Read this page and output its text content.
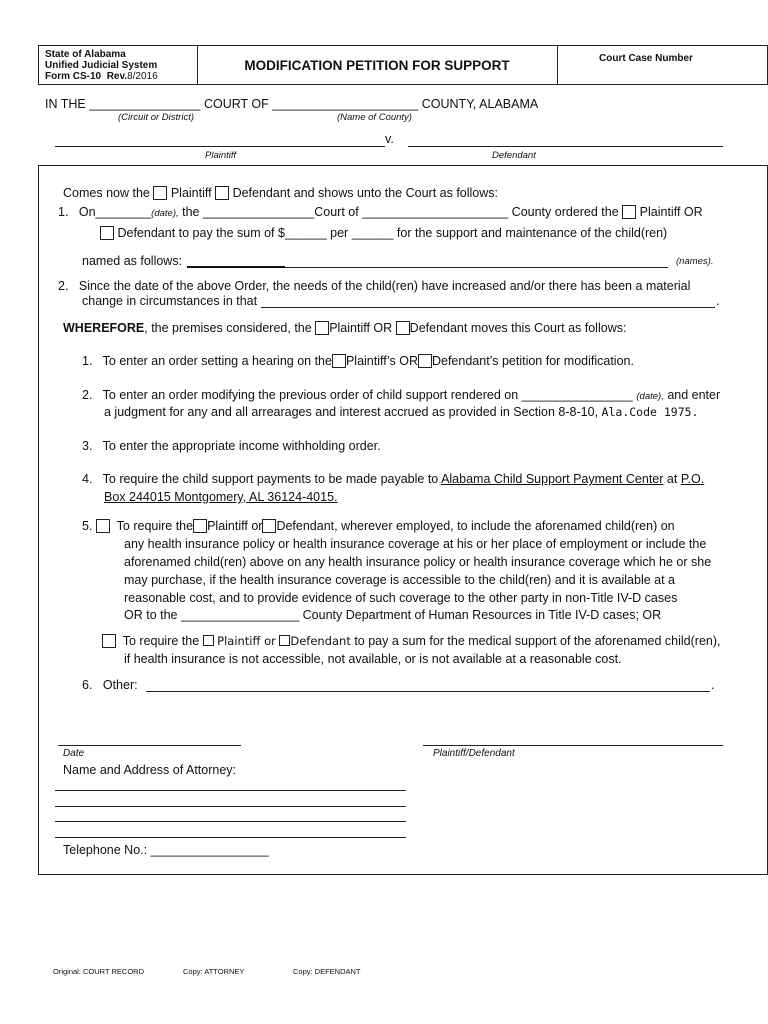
State of Alabama
Unified Judicial System
Form CS-10 Rev.8/2016
MODIFICATION PETITION FOR SUPPORT	Court Case Number
IN THE ________________ COURT OF _____________________ COUNTY, ALABAMA
(Circuit or District)	(Name of County)
v.
Plaintiff	Defendant
Comes now the Plaintiff Defendant and shows unto the Court as follows:
1. On________(date), the ________________Court of _____________________ County ordered the Plaintiff OR
Defendant to pay the sum of $______ per ______ for the support and maintenance of the child(ren)
named as follows:	(names).
2. Since the date of the above Order, the needs of the child(ren) have increased and/or there has been a material
change in circumstances in that	.
WHEREFORE, the premises considered, the Plaintiff OR Defendant moves this Court as follows:
1. To enter an order setting a hearing on the Plaintiff’s OR Defendant’s petition for modification.
2. To enter an order modifying the previous order of child support rendered on ________________ (date), and enter
a judgment for any and all arrearages and interest accrued as provided in Section 8-8-10, Ala.Code 1975.
3. To enter the appropriate income withholding order.
4. To require the child support payments to be made payable to Alabama Child Support Payment Center at P.O.
Box 244015 Montgomery, AL 36124-4015.
5. To require the Plaintiff or Defendant, wherever employed, to include the aforenamed child(ren) on
any health insurance policy or health insurance coverage at his or her place of employment or include the
aforenamed child(ren) above on any health insurance policy or health insurance coverage which he or she
may purchase, if the health insurance coverage is accessible to the child(ren) and it is available at a
reasonable cost, and to provide evidence of such coverage to the other party in non-Title IV-D cases
OR to the _________________ County Department of Human Resources in Title IV-D cases; OR
To require the Plaintiff or Defendant to pay a sum for the medical support of the aforenamed child(ren),
if health insurance is not accessible, not available, or is not available at a reasonable cost.
6. Other:	.
Date	Plaintiff/Defendant
Name and Address of Attorney:
Telephone No.: _________________
Original: COURT RECORD	Copy: ATTORNEY	Copy: DEFENDANT
